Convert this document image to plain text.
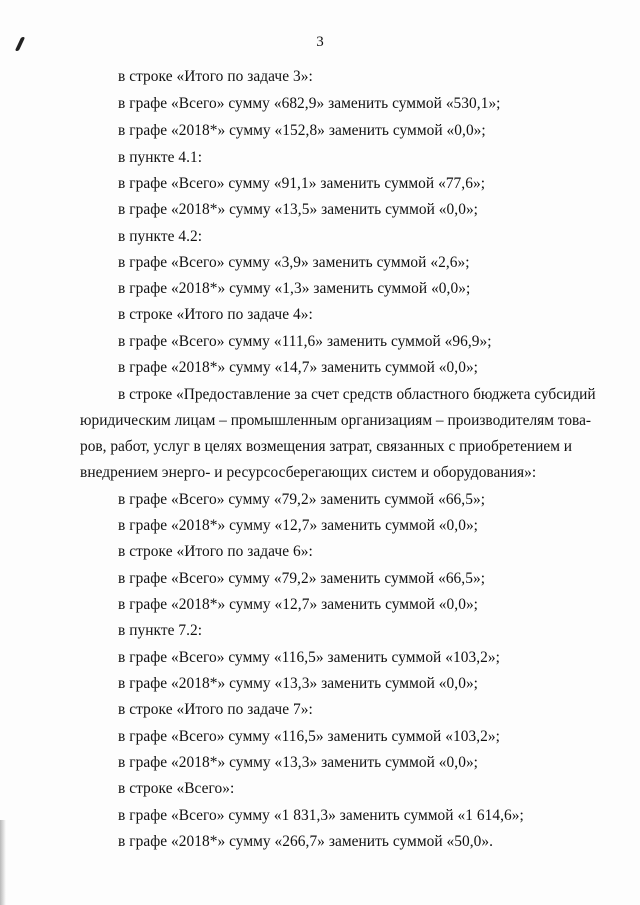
3
в строке «Итого по задаче 3»:
в графе «Всего» сумму «682,9» заменить суммой «530,1»;
в графе «2018*» сумму «152,8» заменить суммой «0,0»;
в пункте 4.1:
в графе «Всего» сумму «91,1» заменить суммой «77,6»;
в графе «2018*» сумму «13,5» заменить суммой «0,0»;
в пункте 4.2:
в графе «Всего» сумму «3,9» заменить суммой «2,6»;
в графе «2018*» сумму «1,3» заменить суммой «0,0»;
в строке «Итого по задаче 4»:
в графе «Всего» сумму «111,6» заменить суммой «96,9»;
в графе «2018*» сумму «14,7» заменить суммой «0,0»;
в строке «Предоставление за счет средств областного бюджета субсидий
юридическим лицам – промышленным организациям – производителям това-
ров, работ, услуг в целях возмещения затрат, связанных с приобретением и
внедрением энерго- и ресурсосберегающих систем и оборудования»:
в графе «Всего» сумму «79,2» заменить суммой «66,5»;
в графе «2018*» сумму «12,7» заменить суммой «0,0»;
в строке «Итого по задаче 6»:
в графе «Всего» сумму «79,2» заменить суммой «66,5»;
в графе «2018*» сумму «12,7» заменить суммой «0,0»;
в пункте 7.2:
в графе «Всего» сумму «116,5» заменить суммой «103,2»;
в графе «2018*» сумму «13,3» заменить суммой «0,0»;
в строке «Итого по задаче 7»:
в графе «Всего» сумму «116,5» заменить суммой «103,2»;
в графе «2018*» сумму «13,3» заменить суммой «0,0»;
в строке «Всего»:
в графе «Всего» сумму «1 831,3» заменить суммой «1 614,6»;
в графе «2018*» сумму «266,7» заменить суммой «50,0».
